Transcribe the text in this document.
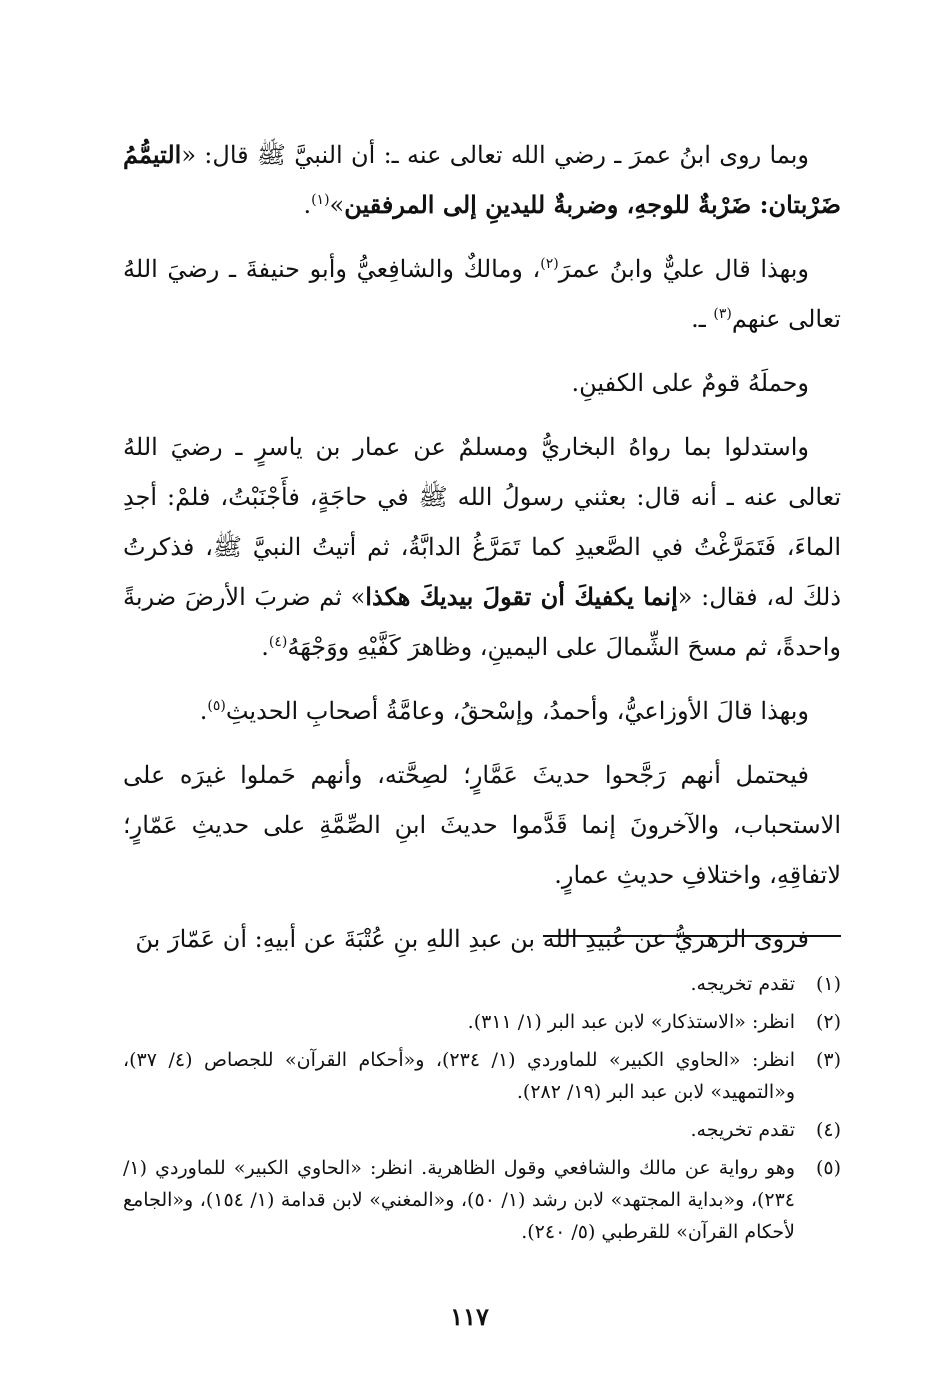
وبما روى ابنُ عمرَ ـ رضي الله تعالى عنه ـ: أن النبيَّ ﷺ قال: «التيمُّمُ ضَرْبتان: ضَرْبةٌ للوجهِ، وضربةٌ لليدينِ إلى المرفقين»$^{(١)}$.

وبهذا قال عليٌّ وابنُ عمرَ$^{(٢)}$، ومالكٌ والشافِعيُّ وأبو حنيفةَ ـ رضيَ اللهُ تعالى عنهم$^{(٣)}$ ـ.

وحملَهُ قومٌ على الكفينِ.

واستدلوا بما رواهُ البخاريُّ ومسلمٌ عن عمار بن ياسرٍ ـ رضيَ اللهُ تعالى عنه ـ أنه قال: بعثني رسولُ الله ﷺ في حاجَةٍ، فأَجْنَبْتُ، فلمْ: أجدِ الماءَ، فَتَمَرَّغْتُ في الصَّعيدِ كما تَمَرَّغُ الدابَّةُ، ثم أتيتُ النبيَّ ﷺ، فذكرتُ ذلكَ له، فقال: «إنما يكفيكَ أن تقولَ بيديكَ هكذا» ثم ضربَ الأرضَ ضربةً واحدةً، ثم مسحَ الشِّمالَ على اليمينِ، وظاهرَ كَفَّيْهِ ووَجْهَهُ$^{(٤)}$.

وبهذا قالَ الأوزاعيُّ، وأحمدُ، وإسْحقُ، وعامَّةُ أصحابِ الحديثِ$^{(٥)}$.

فيحتمل أنهم رَجَّحوا حديثَ عَمَّارٍ؛ لصِحَّته، وأنهم حَملوا غيرَه على الاستحباب، والآخرونَ إنما قَدَّموا حديثَ ابنِ الصِّمَّةِ على حديثِ عَمّارٍ؛ لاتفاقِهِ، واختلافِ حديثِ عمارٍ.

فروى الزهريُّ عن عُبيدِ الله بن عبدِ اللهِ بنِ عُتْبَةَ عن أبيهِ: أن عَمّارَ بنَ

(١)
تقدم تخريجه.
(٢)
انظر: «الاستذكار» لابن عبد البر (١/ ٣١١).
(٣)
انظر: «الحاوي الكبير» للماوردي (١/ ٢٣٤)، و«أحكام القرآن» للجصاص (٤/ ٣٧)، و«التمهيد» لابن عبد البر (١٩/ ٢٨٢).
(٤)
تقدم تخريجه.
(٥)
وهو رواية عن مالك والشافعي وقول الظاهرية. انظر: «الحاوي الكبير» للماوردي (١/ ٢٣٤)، و«بداية المجتهد» لابن رشد (١/ ٥٠)، و«المغني» لابن قدامة (١/ ١٥٤)، و«الجامع لأحكام القرآن» للقرطبي (٥/ ٢٤٠).
١١٧
